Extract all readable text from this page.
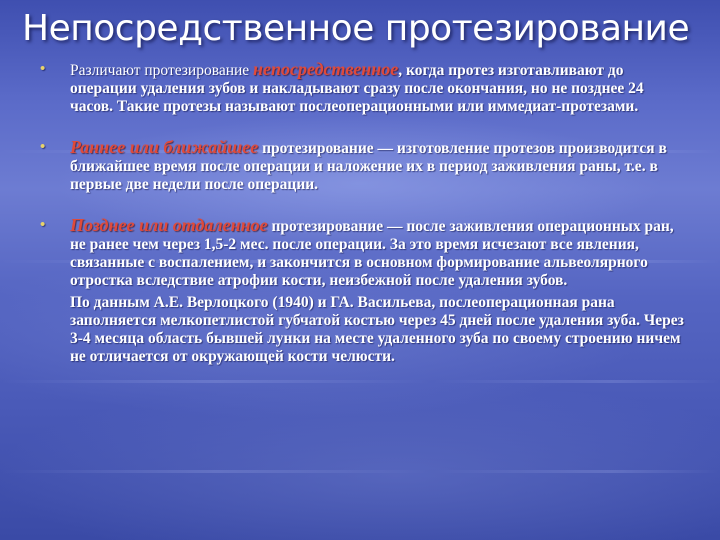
Непосредственное протезирование
• Различают протезирование непосредственное, когда протез изготавливают до операции удаления зубов и накладывают сразу после окончания, но не позднее 24 часов. Такие протезы называют послеоперационными или иммедиат-протезами.
• Раннее или ближайшее протезирование — изготовление протезов производится в ближайшее время после операции и наложение их в период заживления раны, т.е. в первые две недели после операции.
• Позднее или отдаленное протезирование — после заживления операционных ран, не ранее чем через 1,5-2 мес. после операции. За это время исчезают все явления, связанные с воспалением, и закончится в основном формирование альвеолярного отростка вследствие атрофии кости, неизбежной после удаления зубов.
По данным А.Е. Верлоцкого (1940) и ГА. Васильева, послеоперационная рана заполняется мелкопетлистой губчатой костью через 45 дней после удаления зуба. Через 3-4 месяца область бывшей лунки на месте удаленного зуба по своему строению ничем не отличается от окружающей кости челюсти.
